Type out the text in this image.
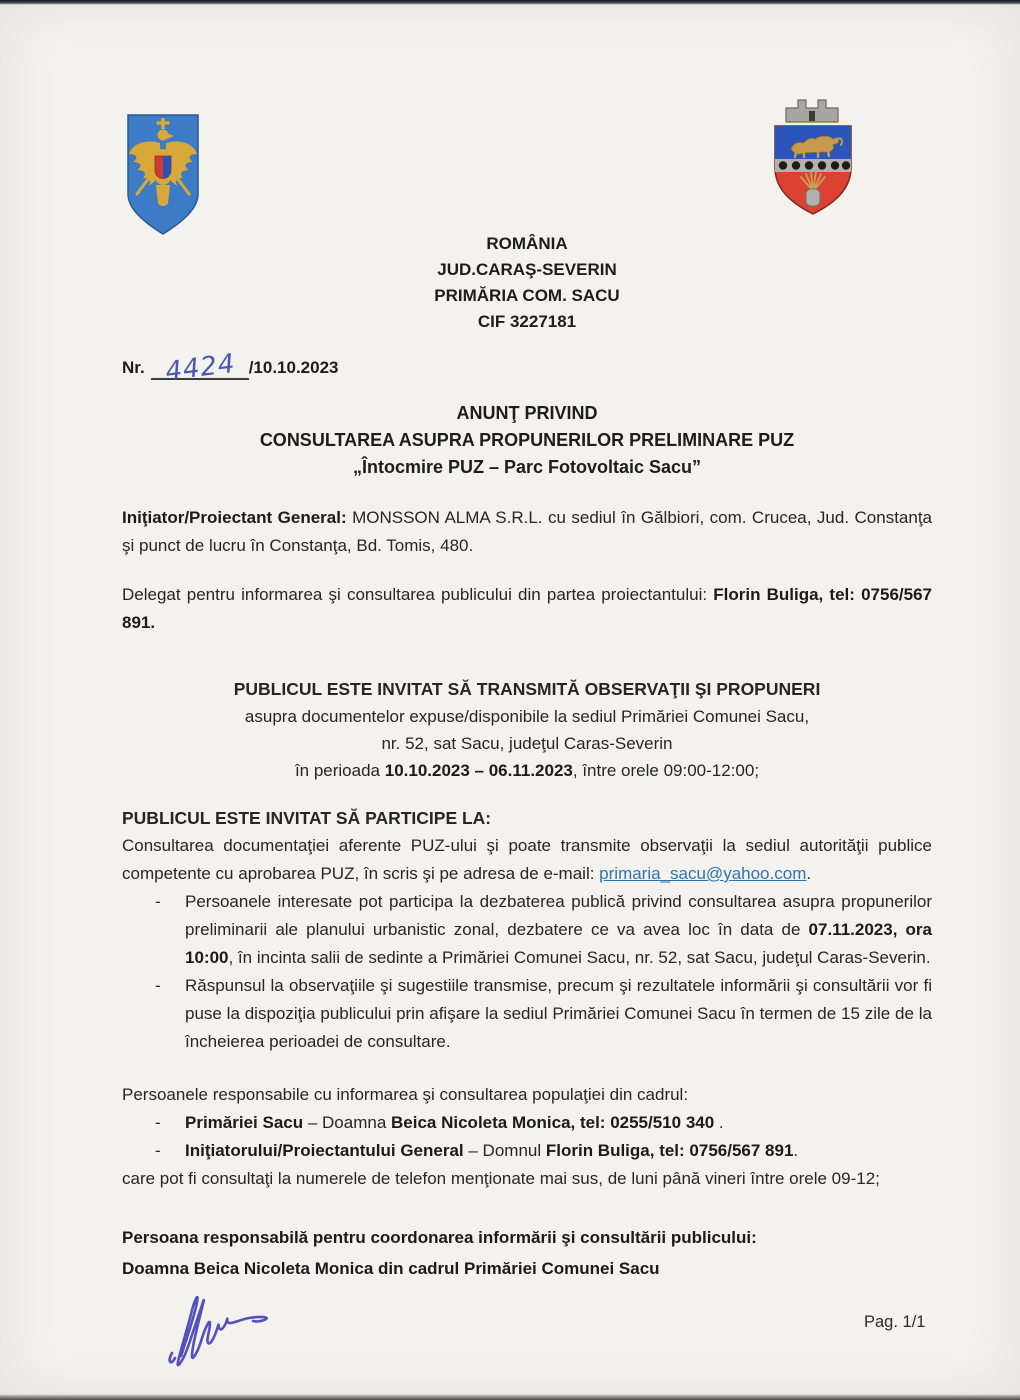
ROMÂNIA
JUD.CARAŞ-SEVERIN
PRIMĂRIA COM. SACU
CIF 3227181
Nr. 4424 /10.10.2023
ANUNŢ PRIVIND
CONSULTAREA ASUPRA PROPUNERILOR PRELIMINARE PUZ
„Întocmire PUZ – Parc Fotovoltaic Sacu”

Iniţiator/Proiectant General: MONSSON ALMA S.R.L. cu sediul în Gălbiori, com. Crucea, Jud. Constanţa şi punct de lucru în Constanţa, Bd. Tomis, 480.

Delegat pentru informarea şi consultarea publicului din partea proiectantului: Florin Buliga, tel: 0756/567 891.

PUBLICUL ESTE INVITAT SĂ TRANSMITĂ OBSERVAŢII ŞI PROPUNERI
asupra documentelor expuse/disponibile la sediul Primăriei Comunei Sacu,
nr. 52, sat Sacu, judeţul Caras-Severin
în perioada 10.10.2023 – 06.11.2023, între orele 09:00-12:00;
PUBLICUL ESTE INVITAT SĂ PARTICIPE LA:

Consultarea documentaţiei aferente PUZ-ului şi poate transmite observaţii la sediul autorităţii publice competente cu aprobarea PUZ, în scris şi pe adresa de e-mail: primaria_sacu@yahoo.com.

- Persoanele interesate pot participa la dezbaterea publică privind consultarea asupra propunerilor preliminarii ale planului urbanistic zonal, dezbatere ce va avea loc în data de 07.11.2023, ora 10:00, în incinta salii de sedinte a Primăriei Comunei Sacu, nr. 52, sat Sacu, judeţul Caras-Severin.
- Răspunsul la observaţiile şi sugestiile transmise, precum şi rezultatele informării şi consultării vor fi puse la dispoziţia publicului prin afişare la sediul Primăriei Comunei Sacu în termen de 15 zile de la încheierea perioadei de consultare.

Persoanele responsabile cu informarea şi consultarea populaţiei din cadrul:

- Primăriei Sacu – Doamna Beica Nicoleta Monica, tel: 0255/510 340 .
- Iniţiatorului/Proiectantului General – Domnul Florin Buliga, tel: 0756/567 891.

care pot fi consultaţi la numerele de telefon menţionate mai sus, de luni până vineri între orele 09-12;

Persoana responsabilă pentru coordonarea informării şi consultării publicului:
Doamna Beica Nicoleta Monica din cadrul Primăriei Comunei Sacu
Pag. 1/1
